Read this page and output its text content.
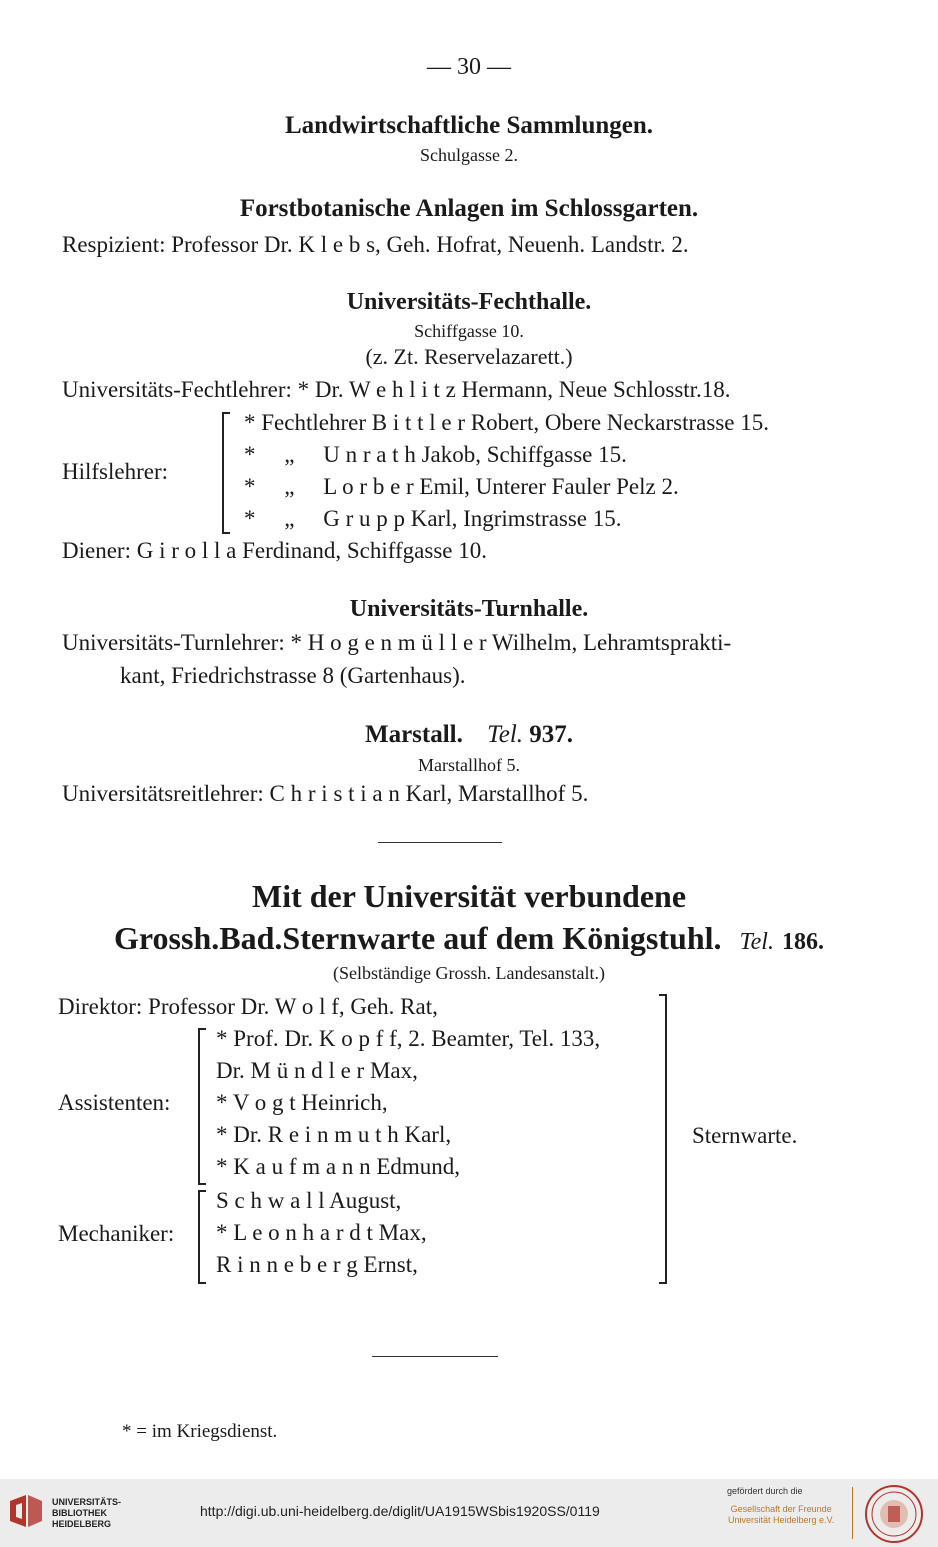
— 30 —
Landwirtschaftliche Sammlungen.
Schulgasse 2.
Forstbotanische Anlagen im Schlossgarten.
Respizient: Professor Dr. K l e b s, Geh. Hofrat, Neuenh. Landstr. 2.
Universitäts-Fechthalle.
Schiffgasse 10.
(z. Zt. Reservelazarett.)
Universitäts-Fechtlehrer: * Dr. W e h l i t z Hermann, Neue Schlosstr.18.
Hilfslehrer:
* Fechtlehrer B i t t l e r Robert, Obere Neckarstrasse 15.
*     „     U n r a t h Jakob, Schiffgasse 15.
*     „     L o r b e r Emil, Unterer Fauler Pelz 2.
*     „     G r u p p Karl, Ingrimstrasse 15.
Diener: G i r o l l a Ferdinand, Schiffgasse 10.
Universitäts-Turnhalle.
Universitäts-Turnlehrer: * H o g e n m ü l l e r Wilhelm, Lehramtsprakti-
kant, Friedrichstrasse 8 (Gartenhaus).
Marstall. Tel. 937.
Marstallhof 5.
Universitätsreitlehrer: C h r i s t i a n Karl, Marstallhof 5.
Mit der Universität verbundene
Grossh.Bad.Sternwarte auf dem Königstuhl. Tel. 186.
(Selbständige Grossh. Landesanstalt.)
Direktor: Professor Dr. W o l f, Geh. Rat,
Assistenten:
* Prof. Dr. K o p f f, 2. Beamter, Tel. 133,
Dr. M ü n d l e r Max,
* V o g t Heinrich,
* Dr. R e i n m u t h Karl,
* K a u f m a n n Edmund,
Mechaniker:
S c h w a l l August,
* L e o n h a r d t Max,
R i n n e b e r g Ernst,
Sternwarte.
* = im Kriegsdienst.
UNIVERSITÄTS-
BIBLIOTHEK
HEIDELBERG
http://digi.ub.uni-heidelberg.de/diglit/UA1915WSbis1920SS/0119
gefördert durch die
Gesellschaft der Freunde
Universität Heidelberg e.V.
